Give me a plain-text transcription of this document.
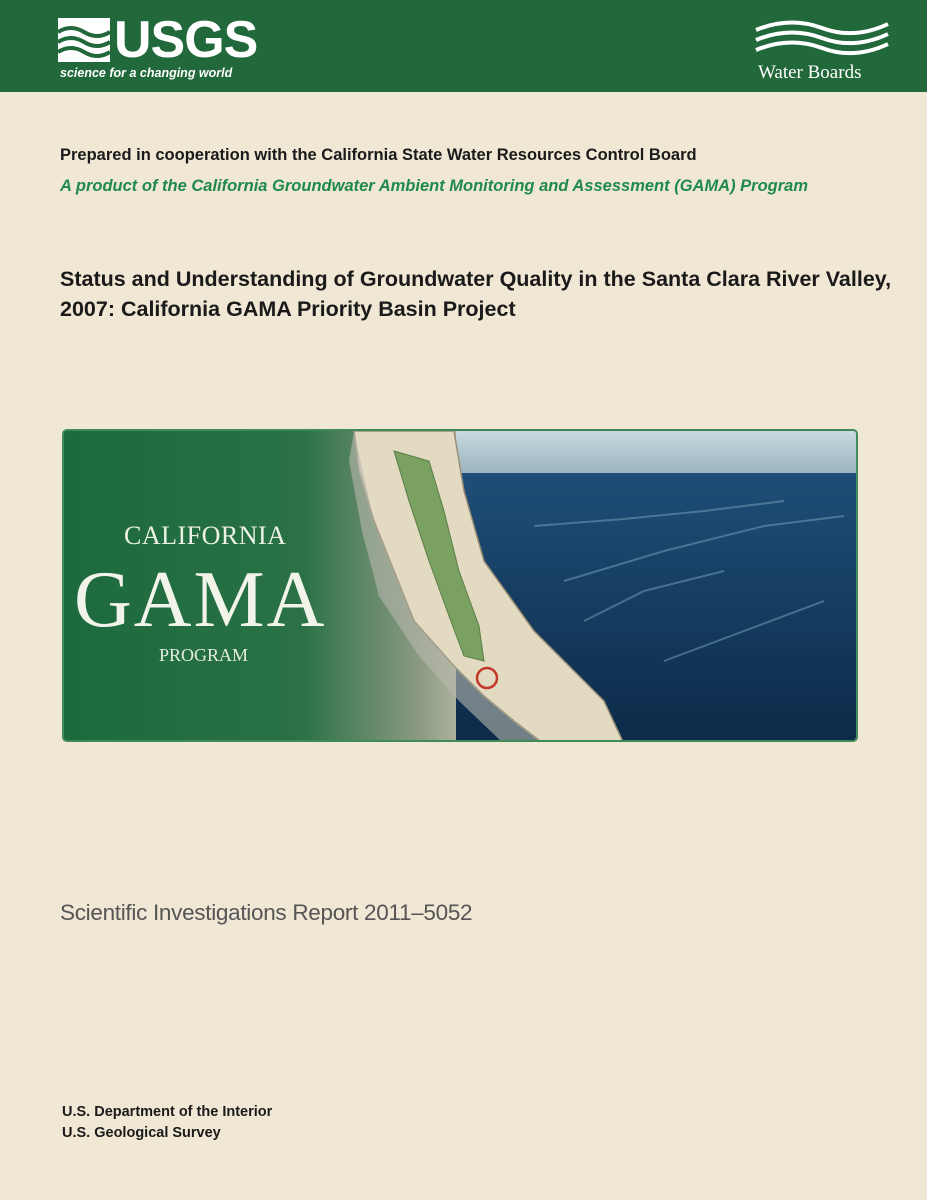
USGS
science for a changing world	Water Boards
Prepared in cooperation with the California State Water Resources Control Board
A product of the California Groundwater Ambient Monitoring and Assessment (GAMA) Program
Status and Understanding of Groundwater Quality in the Santa Clara River Valley, 2007: California GAMA Priority Basin Project
CALIFORNIA
GAMA
PROGRAM
Scientific Investigations Report 2011–5052
U.S. Department of the Interior
U.S. Geological Survey
